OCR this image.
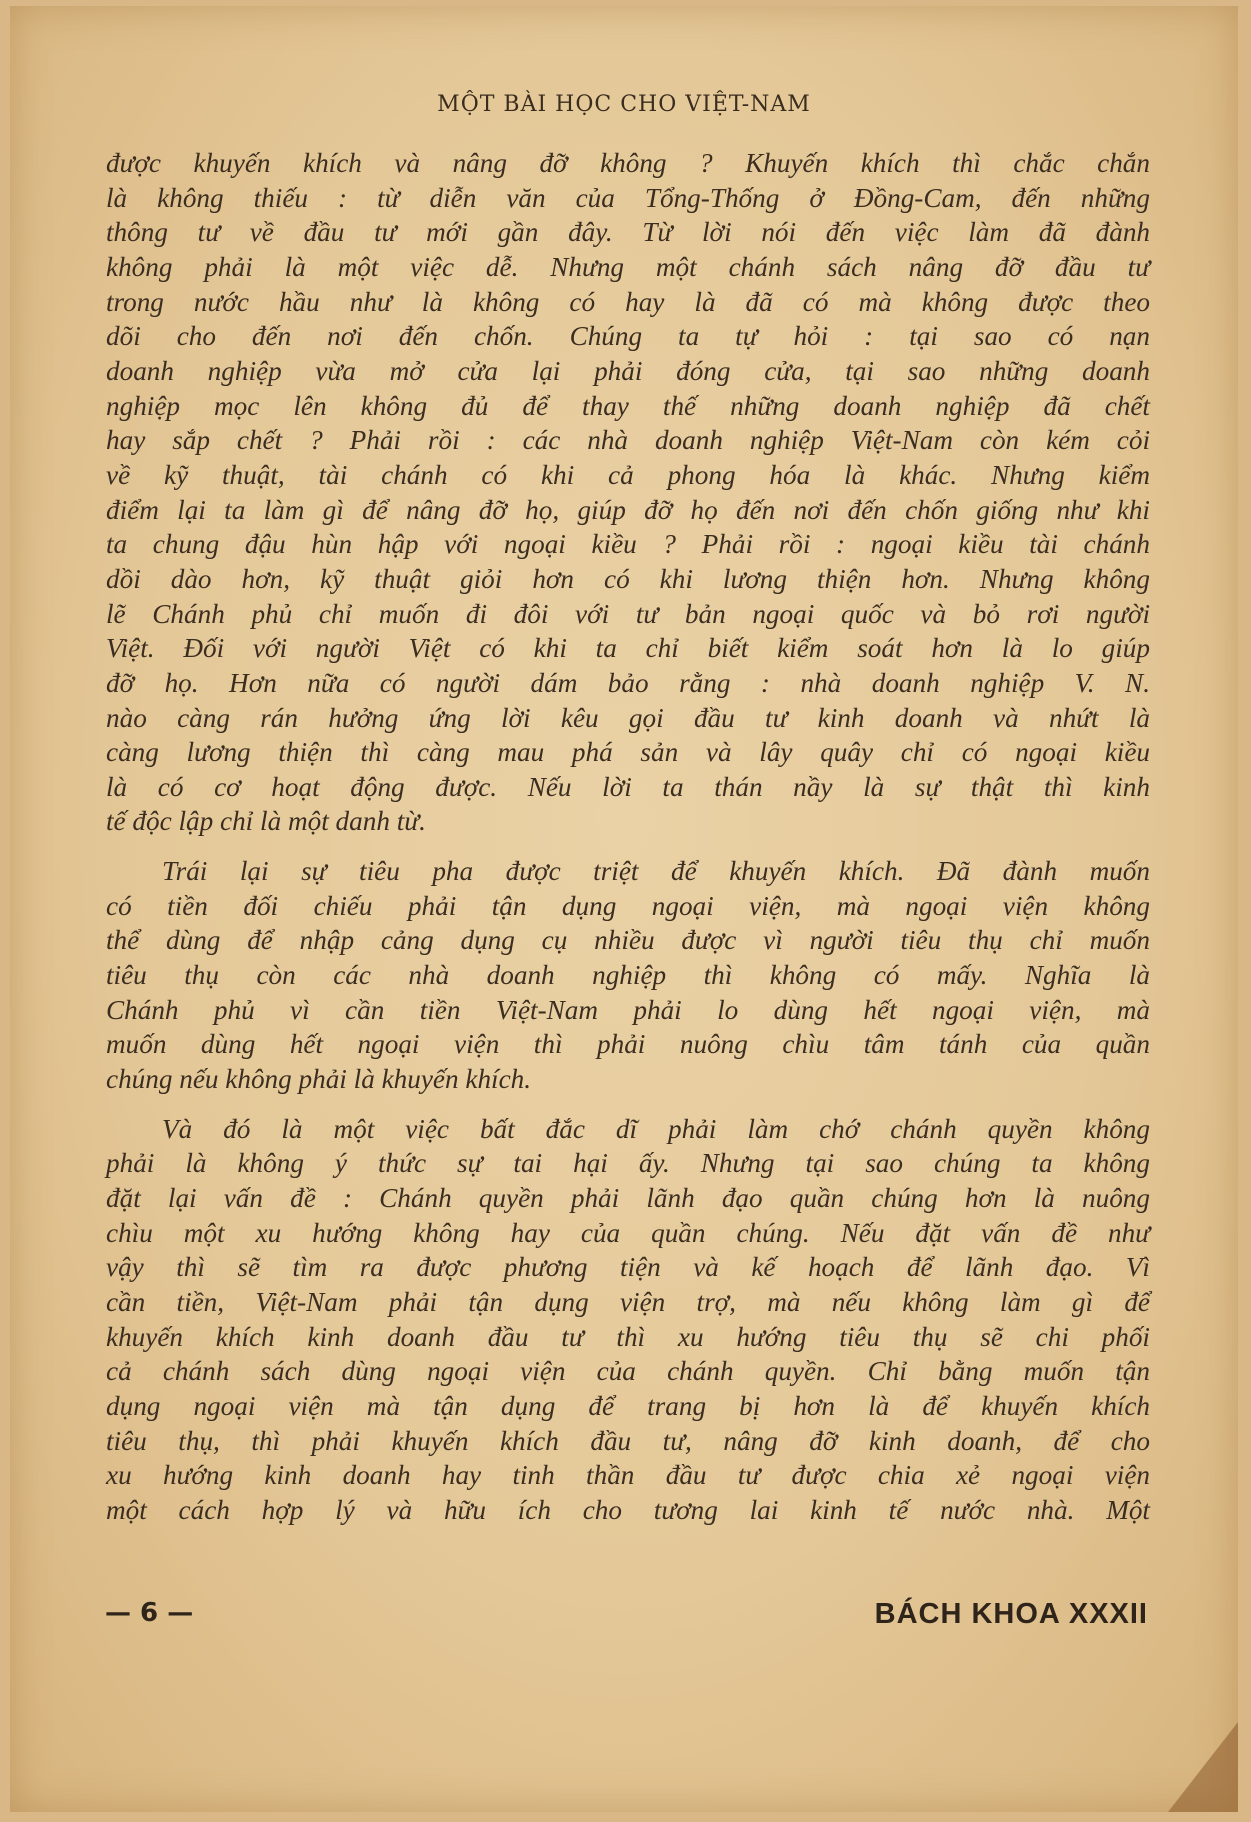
MỘT BÀI HỌC CHO VIỆT-NAM
được khuyến khích và nâng đỡ không ? Khuyến khích thì chắc chắn
là không thiếu : từ diễn văn của Tổng-Thống ở Đồng-Cam, đến những
thông tư về đầu tư mới gần đây. Từ lời nói đến việc làm đã đành
không phải là một việc dễ. Nhưng một chánh sách nâng đỡ đầu tư
trong nước hầu như là không có hay là đã có mà không được theo
dõi cho đến nơi đến chốn. Chúng ta tự hỏi : tại sao có nạn
doanh nghiệp vừa mở cửa lại phải đóng cửa, tại sao những doanh
nghiệp mọc lên không đủ để thay thế những doanh nghiệp đã chết
hay sắp chết ? Phải rồi : các nhà doanh nghiệp Việt-Nam còn kém cỏi
về kỹ thuật, tài chánh có khi cả phong hóa là khác. Nhưng kiểm
điểm lại ta làm gì để nâng đỡ họ, giúp đỡ họ đến nơi đến chốn giống như khi
ta chung đậu hùn hập với ngoại kiều ? Phải rồi : ngoại kiều tài chánh
dồi dào hơn, kỹ thuật giỏi hơn có khi lương thiện hơn. Nhưng không
lẽ Chánh phủ chỉ muốn đi đôi với tư bản ngoại quốc và bỏ rơi người
Việt. Đối với người Việt có khi ta chỉ biết kiểm soát hơn là lo giúp
đỡ họ. Hơn nữa có người dám bảo rằng : nhà doanh nghiệp V. N.
nào càng rán hưởng ứng lời kêu gọi đầu tư kinh doanh và nhứt là
càng lương thiện thì càng mau phá sản và lây quây chỉ có ngoại kiều
là có cơ hoạt động được. Nếu lời ta thán nầy là sự thật thì kinh
tế độc lập chỉ là một danh từ.
Trái lại sự tiêu pha được triệt để khuyến khích. Đã đành muốn
có tiền đối chiếu phải tận dụng ngoại viện, mà ngoại viện không
thể dùng để nhập cảng dụng cụ nhiều được vì người tiêu thụ chỉ muốn
tiêu thụ còn các nhà doanh nghiệp thì không có mấy. Nghĩa là
Chánh phủ vì cần tiền Việt-Nam phải lo dùng hết ngoại viện, mà
muốn dùng hết ngoại viện thì phải nuông chìu tâm tánh của quần
chúng nếu không phải là khuyến khích.
Và đó là một việc bất đắc dĩ phải làm chớ chánh quyền không
phải là không ý thức sự tai hại ấy. Nhưng tại sao chúng ta không
đặt lại vấn đề : Chánh quyền phải lãnh đạo quần chúng hơn là nuông
chìu một xu hướng không hay của quần chúng. Nếu đặt vấn đề như
vậy thì sẽ tìm ra được phương tiện và kế hoạch để lãnh đạo. Vì
cần tiền, Việt-Nam phải tận dụng viện trợ, mà nếu không làm gì để
khuyến khích kinh doanh đầu tư thì xu hướng tiêu thụ sẽ chi phối
cả chánh sách dùng ngoại viện của chánh quyền. Chỉ bằng muốn tận
dụng ngoại viện mà tận dụng để trang bị hơn là để khuyến khích
tiêu thụ, thì phải khuyến khích đầu tư, nâng đỡ kinh doanh, để cho
xu hướng kinh doanh hay tinh thần đầu tư được chia xẻ ngoại viện
một cách hợp lý và hữu ích cho tương lai kinh tế nước nhà. Một
— 6 —	BÁCH KHOA XXXII
